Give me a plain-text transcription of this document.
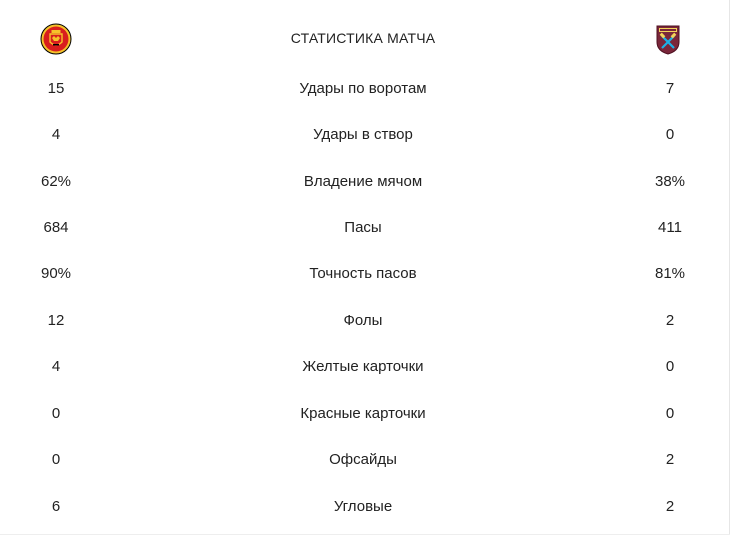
СТАТИСТИКА МАТЧА
15	Удары по воротам	7
4	Удары в створ	0
62%	Владение мячом	38%
684	Пасы	411
90%	Точность пасов	81%
12	Фолы	2
4	Желтые карточки	0
0	Красные карточки	0
0	Офсайды	2
6	Угловые	2
